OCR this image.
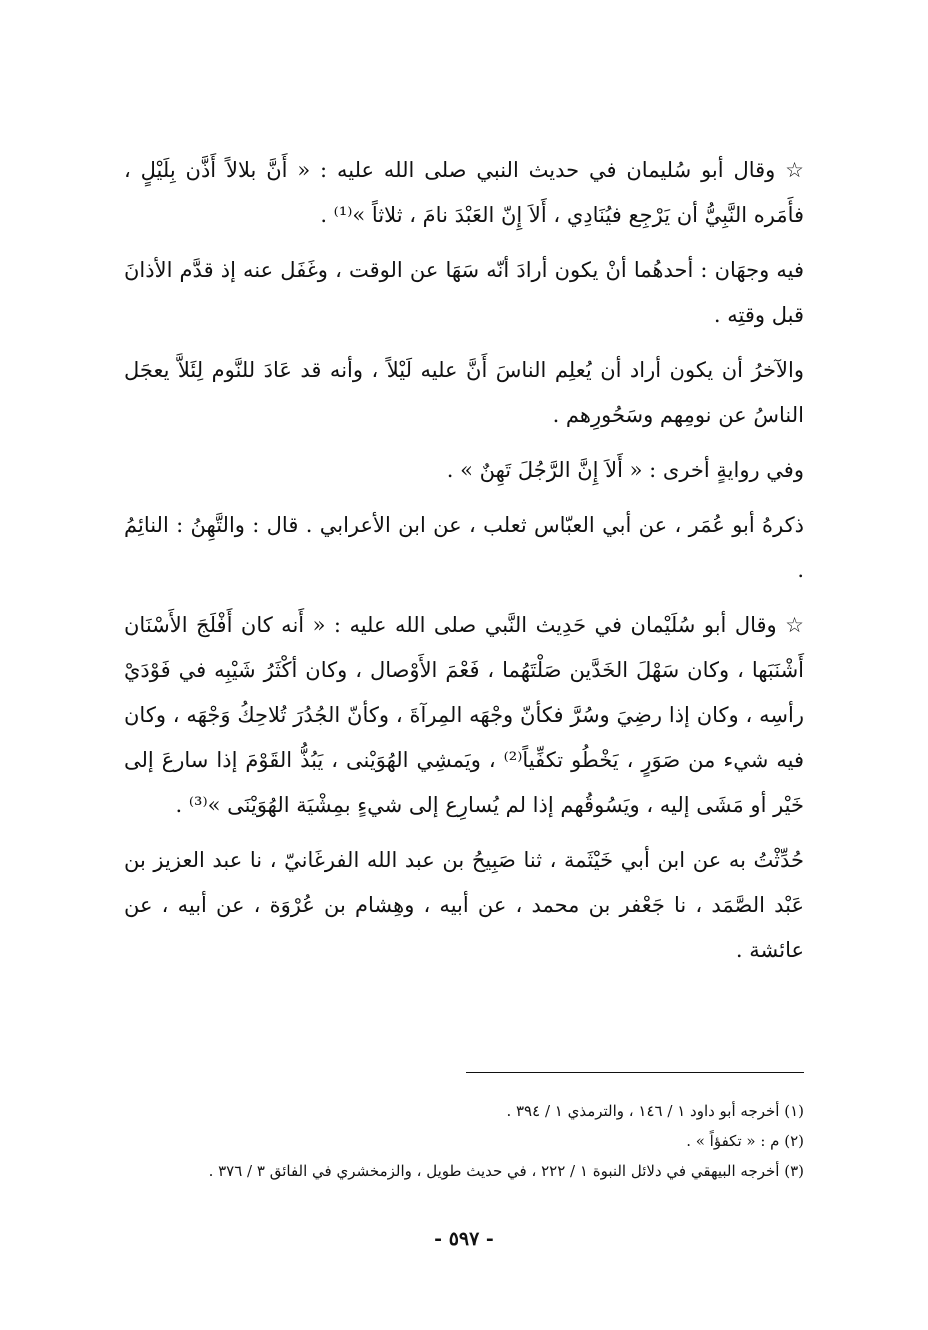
☆ وقال أبو سُليمان في حديث النبي صلى الله عليه : « أَنَّ بلالاً أَذَّن بِلَيْلٍ ، فأَمَره النَّبِيُّ أن يَرْجِع فيُنَادِي ، أَلاَ إِنّ العَبْدَ نامَ ، ثلاثاً »⁽¹⁾ .

فيه وجهَان : أحدهُما أنْ يكون أرادَ أنّه سَهَا عن الوقت ، وغَفَل عنه إذ قدَّم الأذانَ قبل وقتِه .

والآخرُ أن يكون أراد أن يُعلِم الناسَ أَنَّ عليه لَيْلاً ، وأنه قد عَادَ للنَّوم لِئَلاَّ يعجَل الناسُ عن نومِهم وسَحُورِهم .

وفي روايةٍ أخرى : « أَلاَ إِنَّ الرَّجُلَ تَهِنٌ » .

ذكرهُ أبو عُمَر ، عن أبي العبّاس ثعلب ، عن ابن الأعرابي . قال : والتَّهِنُ : النائِمُ .

☆ وقال أبو سُلَيْمان في حَدِيث النَّبي صلى الله عليه : « أَنه كان أَفْلَجَ الأَسْنَان أَشْنَبَها ، وكان سَهْلَ الخَدَّين صَلْتَهُما ، فَعْمَ الأَوْصال ، وكان أكْثَرُ شَيْبِه في فَوْدَيْ رأسِه ، وكان إذا رضِيَ وسُرَّ فكأنّ وجْهَه المِرآةَ ، وكأنّ الجُدُرَ تُلاحِكُ وَجْهَه ، وكان فيه شيء من صَوَرٍ ، يَخْطُو تكفِّياً⁽²⁾ ، ويَمشِي الهُوَيْنى ، يَبُذُّ القَوْمَ إذا سارعَ إلى خَيْر أو مَشَى إليه ، ويَسُوقُهم إذا لم يُسارِع إلى شيءٍ بمِشْيَة الهُوَيْنَى »⁽³⁾ .

حُدِّثْتُ به عن ابن أبي خَيْثَمة ، ثنا صَبِيحُ بن عبد الله الفرغَانيّ ، نا عبد العزيز بن عَبْد الصَّمَد ، نا جَعْفر بن محمد ، عن أبيه ، وهِشام بن عُرْوَة ، عن أبيه ، عن عائشة .

(١) أخرجه أبو داود ١ / ١٤٦ ، والترمذي ١ / ٣٩٤ .

(٢) م : « تكفؤاً » .

(٣) أخرجه البيهقي في دلائل النبوة ١ / ٢٢٢ ، في حديث طويل ، والزمخشري في الفائق ٣ / ٣٧٦ .

- ٥٩٧ -
